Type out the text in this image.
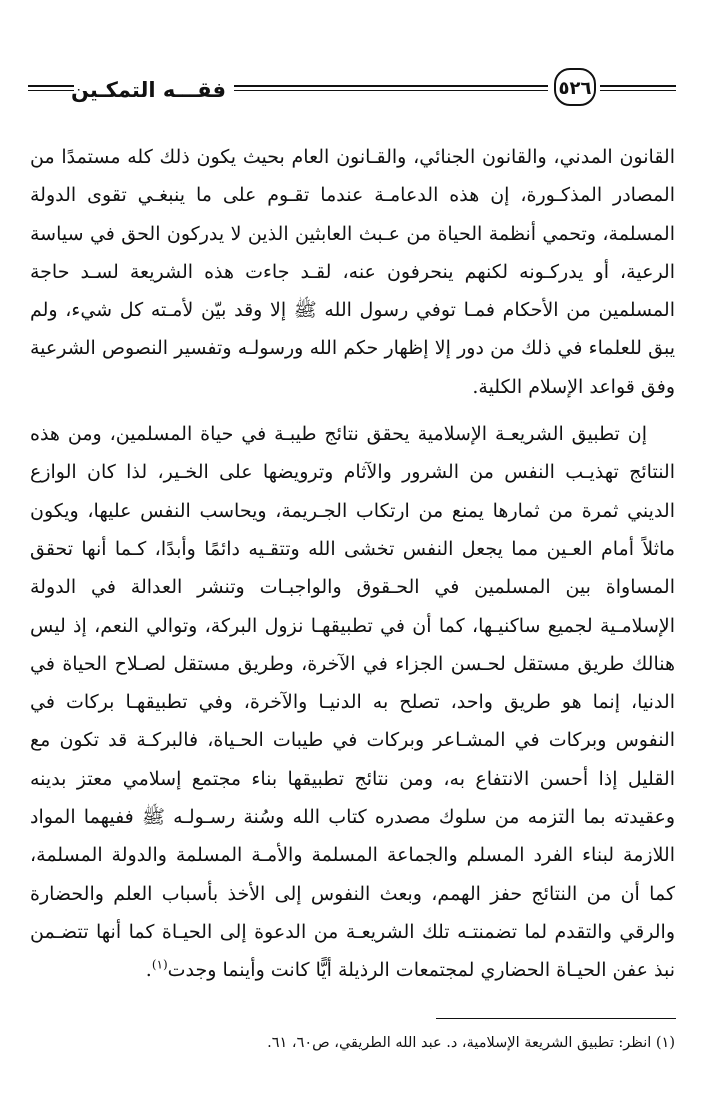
فقـــه التمكـين	٥٢٦

القانون المدني، والقانون الجنائي، والقـانون العام بحيث يكون ذلك كله مستمدًا من المصادر المذكـورة، إن هذه الدعامـة عندما تقـوم على ما ينبغـي تقوى الدولة المسلمة، وتحمي أنظمة الحياة من عـبث العابثين الذين لا يدركون الحق في سياسة الرعية، أو يدركـونه لكنهم ينحرفون عنه، لقـد جاءت هذه الشريعة لسـد حاجة المسلمين من الأحكام فمـا توفي رسول الله ﷺ إلا وقد بيّن لأمـته كل شيء، ولم يبق للعلماء في ذلك من دور إلا إظهار حكم الله ورسولـه وتفسير النصوص الشرعية وفق قواعد الإسلام الكلية.

إن تطبيق الشريعـة الإسلامية يحقق نتائج طيبـة في حياة المسلمين، ومن هذه النتائج تهذيـب النفس من الشرور والآثام وترويضها على الخـير، لذا كان الوازع الديني ثمرة من ثمارها يمنع من ارتكاب الجـريمة، ويحاسب النفس عليها، ويكون ماثلاً أمام العـين مما يجعل النفس تخشى الله وتتقـيه دائمًا وأبدًا، كـما أنها تحقق المساواة بين المسلمين في الحـقوق والواجبـات وتنشر العدالة في الدولة الإسلامـية لجميع ساكنيـها، كما أن في تطبيقهـا نزول البركة، وتوالي النعم، إذ ليس هنالك طريق مستقل لحـسن الجزاء في الآخرة، وطريق مستقل لصـلاح الحياة في الدنيا، إنما هو طريق واحد، تصلح به الدنيـا والآخرة، وفي تطبيقهـا بركات في النفوس وبركات في المشـاعر وبركات في طيبات الحـياة، فالبركـة قد تكون مع القليل إذا أحسن الانتفاع به، ومن نتائج تطبيقها بناء مجتمع إسلامي معتز بدينه وعقيدته بما التزمه من سلوك مصدره كتاب الله وسُنة رسـولـه ﷺ ففيهما المواد اللازمة لبناء الفرد المسلم والجماعة المسلمة والأمـة المسلمة والدولة المسلمة، كما أن من النتائج حفز الهمم، وبعث النفوس إلى الأخذ بأسباب العلم والحضارة والرقي والتقدم لما تضمنتـه تلك الشريعـة من الدعوة إلى الحيـاة كما أنها تتضـمن نبذ عفن الحيـاة الحضاري لمجتمعات الرذيلة أيًّا كانت وأينما وجدت$^{(١)}$.

(١) انظر: تطبيق الشريعة الإسلامية، د. عبد الله الطريقي، ص٦٠، ٦١.
